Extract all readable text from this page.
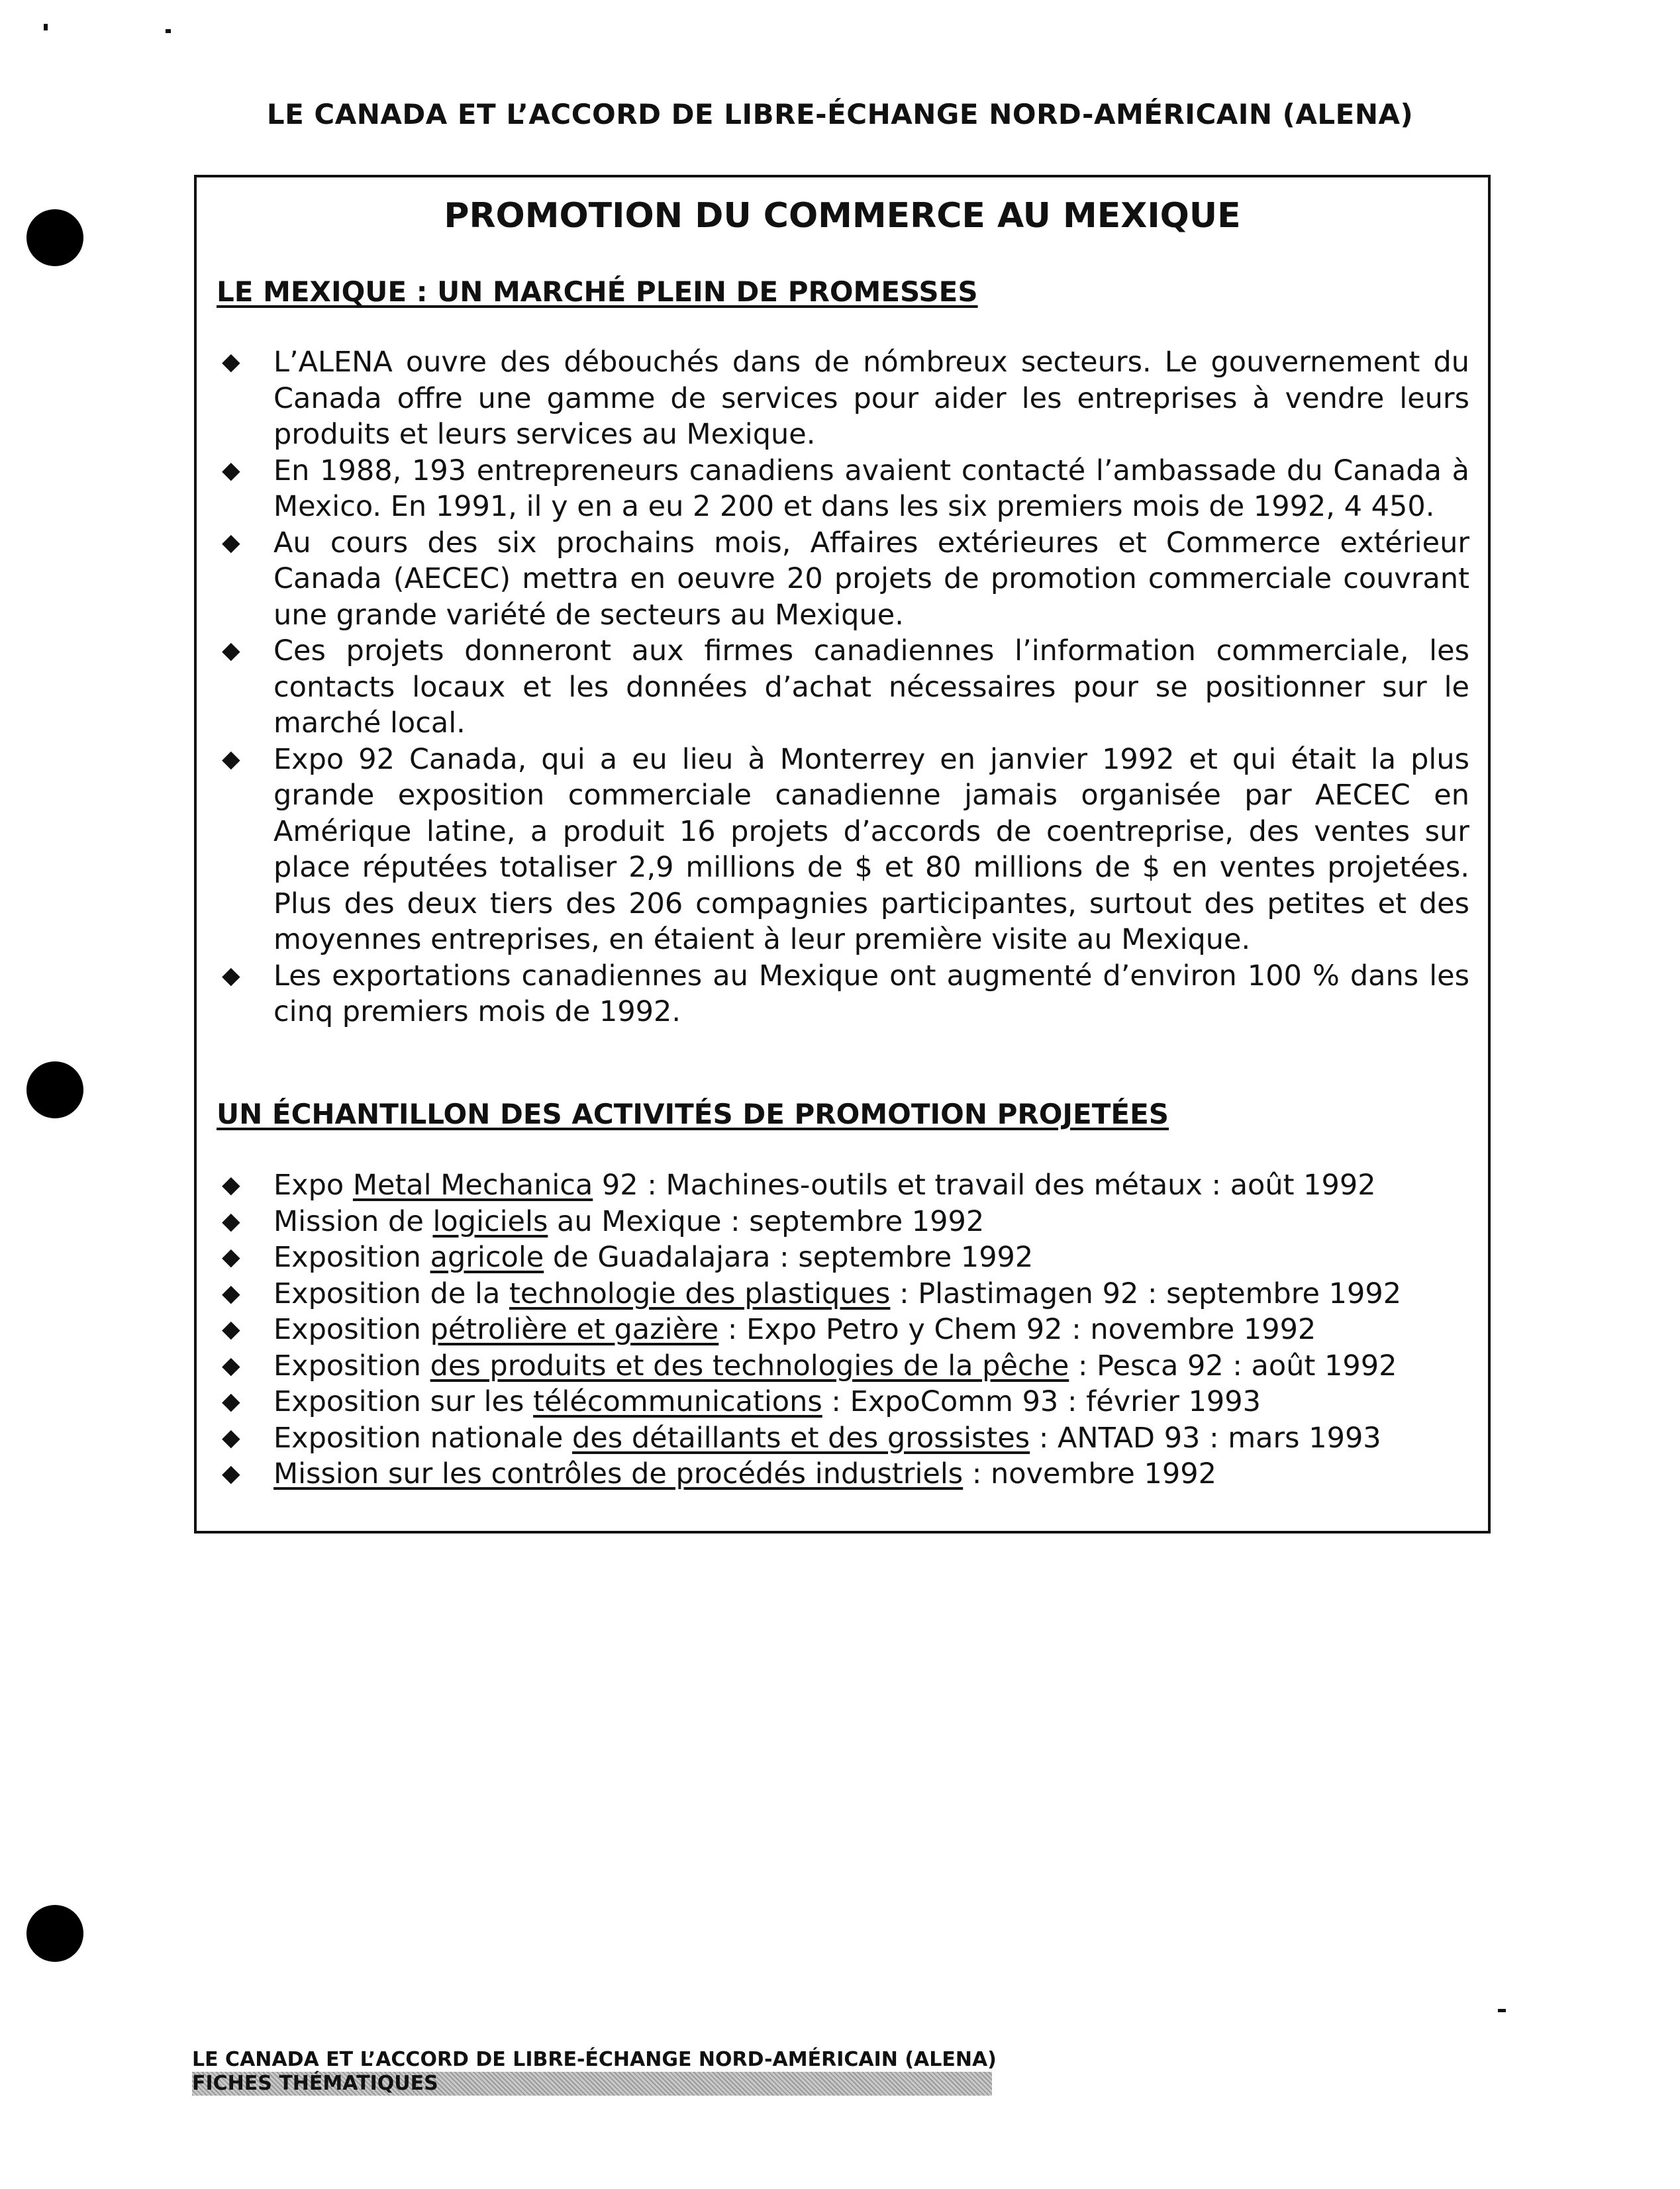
LE CANADA ET L’ACCORD DE LIBRE-ÉCHANGE NORD-AMÉRICAIN (ALENA)
PROMOTION DU COMMERCE AU MEXIQUE
LE MEXIQUE : UN MARCHÉ PLEIN DE PROMESSES
◆ L’ALENA ouvre des débouchés dans de nómbreux secteurs. Le gouvernement du Canada offre une gamme de services pour aider les entreprises à vendre leurs produits et leurs services au Mexique.
◆ En 1988, 193 entrepreneurs canadiens avaient contacté l’ambassade du Canada à Mexico. En 1991, il y en a eu 2 200 et dans les six premiers mois de 1992, 4 450.
◆ Au cours des six prochains mois, Affaires extérieures et Commerce extérieur Canada (AECEC) mettra en oeuvre 20 projets de promotion commerciale couvrant une grande variété de secteurs au Mexique.
◆ Ces projets donneront aux firmes canadiennes l’information commerciale, les contacts locaux et les données d’achat nécessaires pour se positionner sur le marché local.
◆ Expo 92 Canada, qui a eu lieu à Monterrey en janvier 1992 et qui était la plus grande exposition commerciale canadienne jamais organisée par AECEC en Amérique latine, a produit 16 projets d’accords de coentreprise, des ventes sur place réputées totaliser 2,9 millions de $ et 80 millions de $ en ventes projetées. Plus des deux tiers des 206 compagnies participantes, surtout des petites et des moyennes entreprises, en étaient à leur première visite au Mexique.
◆ Les exportations canadiennes au Mexique ont augmenté d’environ 100 % dans les cinq premiers mois de 1992.
UN ÉCHANTILLON DES ACTIVITÉS DE PROMOTION PROJETÉES
◆ Expo Metal Mechanica 92 : Machines-outils et travail des métaux : août 1992
◆ Mission de logiciels au Mexique : septembre 1992
◆ Exposition agricole de Guadalajara : septembre 1992
◆ Exposition de la technologie des plastiques : Plastimagen 92 : septembre 1992
◆ Exposition pétrolière et gazière : Expo Petro y Chem 92 : novembre 1992
◆ Exposition des produits et des technologies de la pêche : Pesca 92 : août 1992
◆ Exposition sur les télécommunications : ExpoComm 93 : février 1993
◆ Exposition nationale des détaillants et des grossistes : ANTAD 93 : mars 1993
◆ Mission sur les contrôles de procédés industriels : novembre 1992
LE CANADA ET L’ACCORD DE LIBRE-ÉCHANGE NORD-AMÉRICAIN (ALENA)
FICHES THÉMATIQUES
